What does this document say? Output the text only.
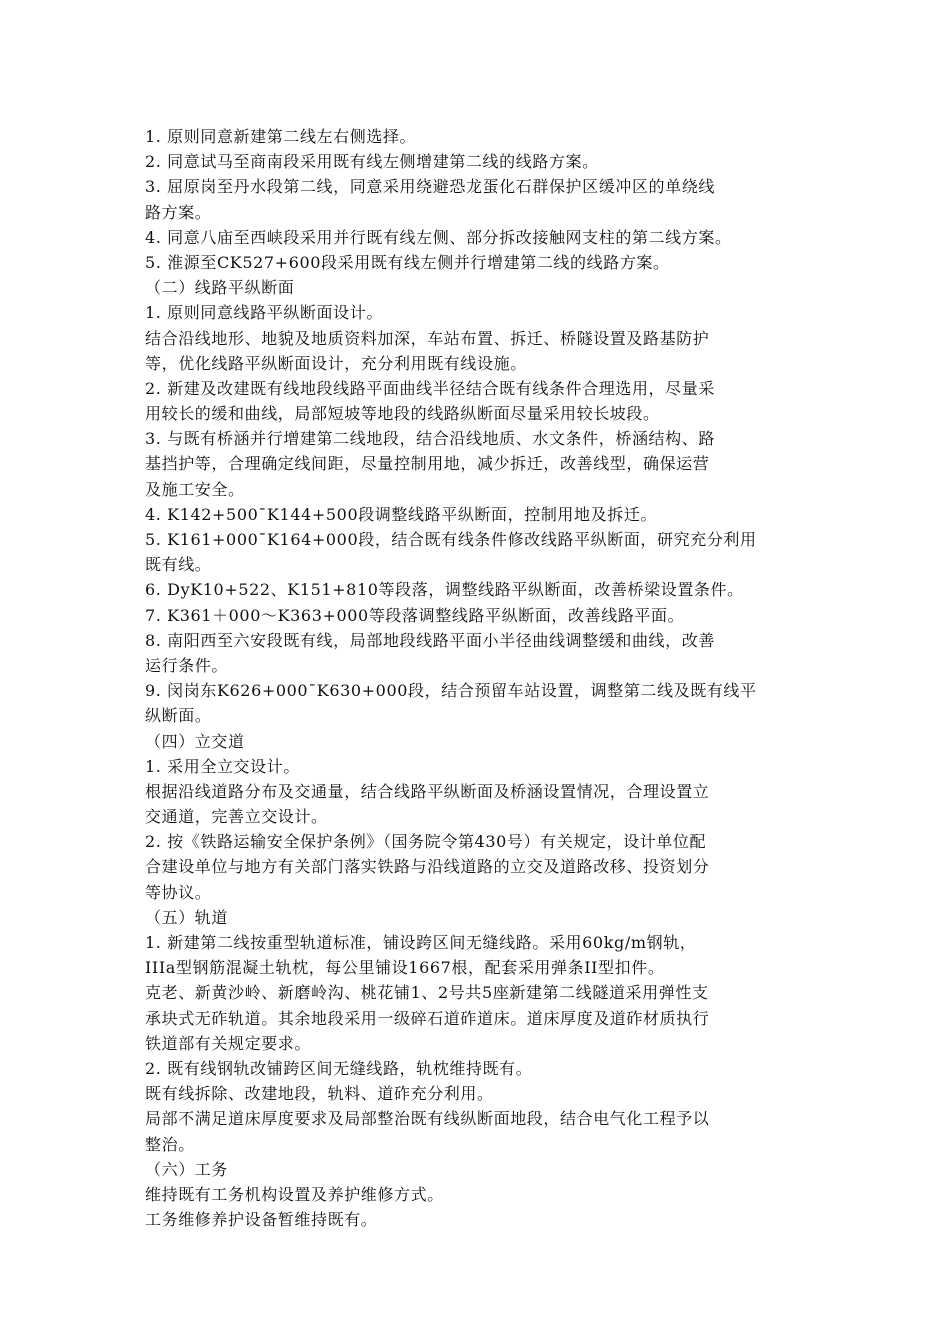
1. 原则同意新建第二线左右侧选择。
2. 同意试马至商南段采用既有线左侧增建第二线的线路方案。
3. 屈原岗至丹水段第二线，同意采用绕避恐龙蛋化石群保护区缓冲区的单绕线
路方案。
4. 同意八庙至西峡段采用并行既有线左侧、部分拆改接触网支柱的第二线方案。
5. 淮源至CK527+600段采用既有线左侧并行增建第二线的线路方案。
（二）线路平纵断面
1. 原则同意线路平纵断面设计。
结合沿线地形、地貌及地质资料加深，车站布置、拆迁、桥隧设置及路基防护
等，优化线路平纵断面设计，充分利用既有线设施。
2. 新建及改建既有线地段线路平面曲线半径结合既有线条件合理选用，尽量采
用较长的缓和曲线，局部短坡等地段的线路纵断面尽量采用较长坡段。
3. 与既有桥涵并行增建第二线地段，结合沿线地质、水文条件，桥涵结构、路
基挡护等，合理确定线间距，尽量控制用地，减少拆迁，改善线型，确保运营
及施工安全。
4. K142+500¯K144+500段调整线路平纵断面，控制用地及拆迁。
5. K161+000¯K164+000段，结合既有线条件修改线路平纵断面，研究充分利用
既有线。
6. DyK10+522、K151+810等段落，调整线路平纵断面，改善桥梁设置条件。
7. K361＋000～K363+000等段落调整线路平纵断面，改善线路平面。
8. 南阳西至六安段既有线，局部地段线路平面小半径曲线调整缓和曲线，改善
运行条件。
9. 闵岗东K626+000¯K630+000段，结合预留车站设置，调整第二线及既有线平
纵断面。
（四）立交道
1. 采用全立交设计。
根据沿线道路分布及交通量，结合线路平纵断面及桥涵设置情况，合理设置立
交通道，完善立交设计。
2. 按《铁路运输安全保护条例》（国务院令第430号）有关规定，设计单位配
合建设单位与地方有关部门落实铁路与沿线道路的立交及道路改移、投资划分
等协议。
（五）轨道
1. 新建第二线按重型轨道标准，铺设跨区间无缝线路。采用60kg/m钢轨，
IIIa型钢筋混凝土轨枕，每公里铺设1667根，配套采用弹条II型扣件。
克老、新黄沙岭、新磨岭沟、桃花铺1、2号共5座新建第二线隧道采用弹性支
承块式无砟轨道。其余地段采用一级碎石道砟道床。道床厚度及道砟材质执行
铁道部有关规定要求。
2. 既有线钢轨改铺跨区间无缝线路，轨枕维持既有。
既有线拆除、改建地段，轨料、道砟充分利用。
局部不满足道床厚度要求及局部整治既有线纵断面地段，结合电气化工程予以
整治。
（六）工务
维持既有工务机构设置及养护维修方式。
工务维修养护设备暂维持既有。
